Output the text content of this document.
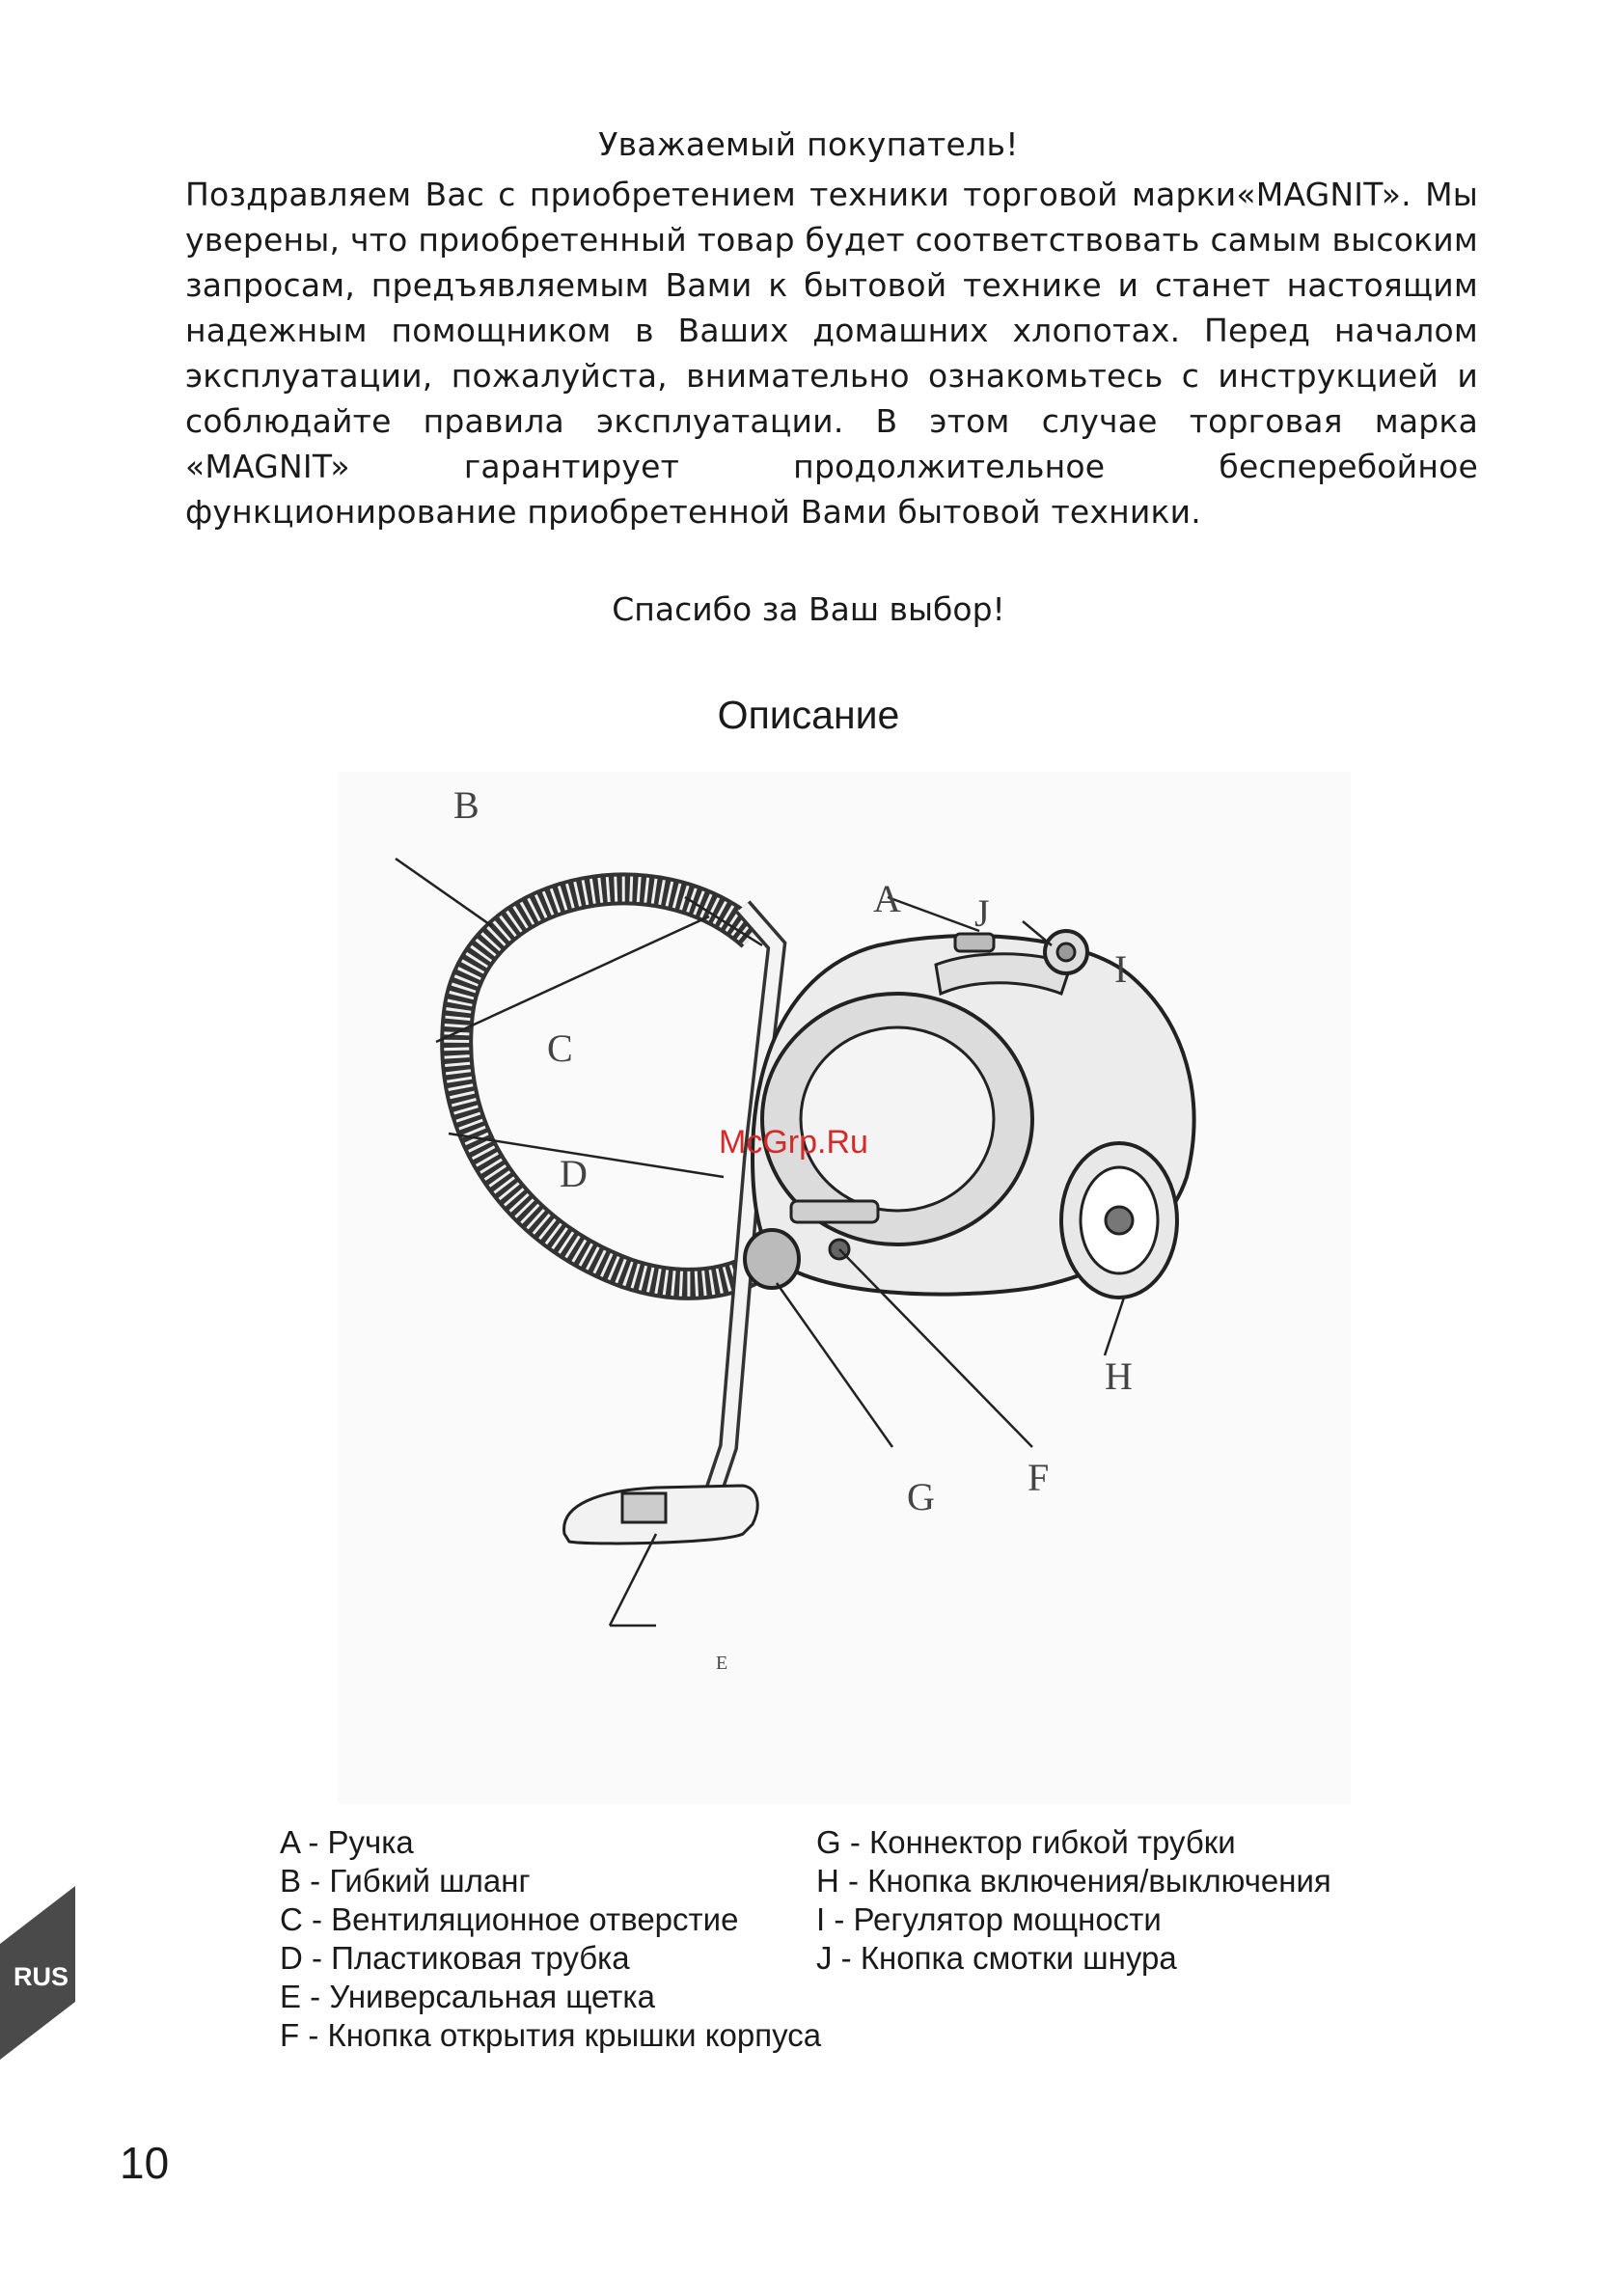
Уважаемый покупатель!
Поздравляем Вас с приобретением техники торговой марки«MAGNIT». Мы уверены, что приобретенный товар будет соответствовать самым высоким запросам, предъявляемым Вами к бытовой технике и станет настоящим надежным помощником в Ваших домашних хлопотах. Перед началом эксплуатации, пожалуйста, внимательно ознакомьтесь с инструкцией и соблюдайте правила эксплуатации. В этом случае торговая марка «MAGNIT» гарантирует продолжительное бесперебойное функционирование приобретенной Вами бытовой техники.
Спасибо за Ваш выбор!
Описание
B
A J
I
C
D
H
F
G
E
McGrp.Ru
A - Ручка
B - Гибкий шланг
C - Вентиляционное отверстие
D - Пластиковая трубка
E - Универсальная щетка
F - Кнопка открытия крышки корпуса
G - Коннектор гибкой трубки
H - Кнопка включения/выключения
I - Регулятор мощности
J - Кнопка смотки шнура
RUS
10
